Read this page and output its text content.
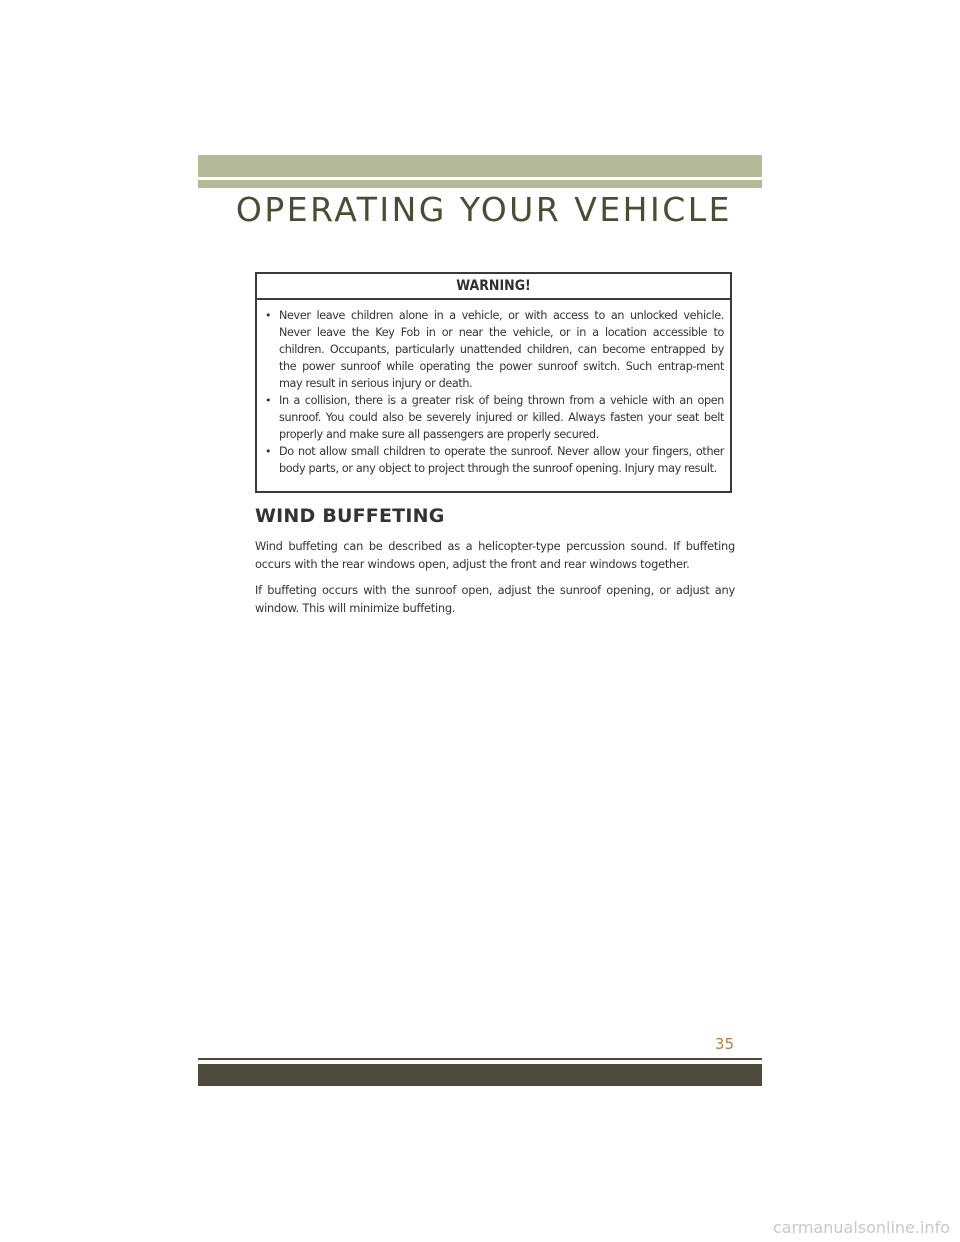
OPERATING YOUR VEHICLE
WARNING!
• Never leave children alone in a vehicle, or with access to an unlocked vehicle. Never leave the Key Fob in or near the vehicle, or in a location accessible to children. Occupants, particularly unattended children, can become entrapped by the power sunroof while operating the power sunroof switch. Such entrap-ment may result in serious injury or death.
• In a collision, there is a greater risk of being thrown from a vehicle with an open sunroof. You could also be severely injured or killed. Always fasten your seat belt properly and make sure all passengers are properly secured.
• Do not allow small children to operate the sunroof. Never allow your fingers, other body parts, or any object to project through the sunroof opening. Injury may result.
WIND BUFFETING

Wind buffeting can be described as a helicopter-type percussion sound. If buffeting occurs with the rear windows open, adjust the front and rear windows together.

If buffeting occurs with the sunroof open, adjust the sunroof opening, or adjust any window. This will minimize buffeting.

35
carmanualsonline.info
